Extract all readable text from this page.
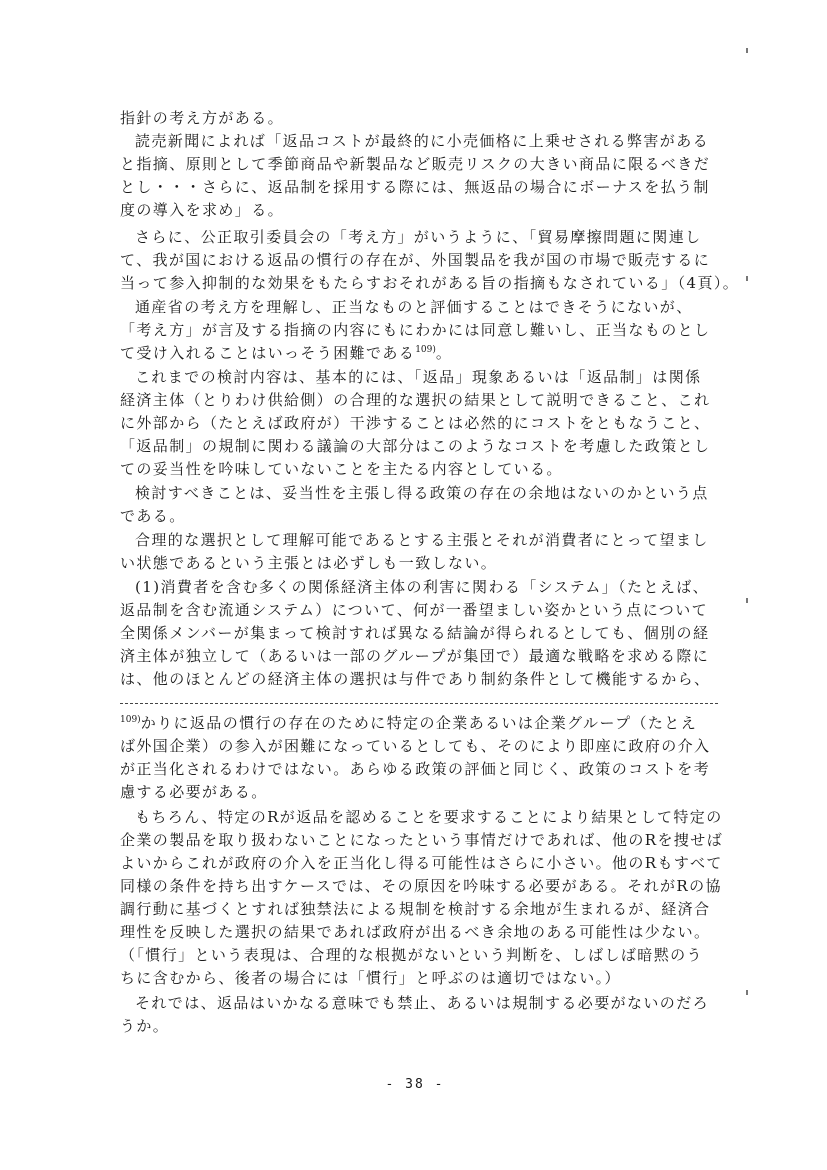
指針の考え方がある。
読売新聞によれば「返品コストが最終的に小売価格に上乗せされる弊害がある
と指摘、原則として季節商品や新製品など販売リスクの大きい商品に限るべきだ
とし・・・さらに、返品制を採用する際には、無返品の場合にボーナスを払う制
度の導入を求め」る。
さらに、公正取引委員会の「考え方」がいうように、「貿易摩擦問題に関連し
て、我が国における返品の慣行の存在が、外国製品を我が国の市場で販売するに
当って参入抑制的な効果をもたらすおそれがある旨の指摘もなされている」（4頁）。
通産省の考え方を理解し、正当なものと評価することはできそうにないが、
「考え方」が言及する指摘の内容にもにわかには同意し難いし、正当なものとし
て受け入れることはいっそう困難である$^{109)}$。
これまでの検討内容は、基本的には、「返品」現象あるいは「返品制」は関係
経済主体（とりわけ供給側）の合理的な選択の結果として説明できること、これ
に外部から（たとえば政府が）干渉することは必然的にコストをともなうこと、
「返品制」の規制に関わる議論の大部分はこのようなコストを考慮した政策とし
ての妥当性を吟味していないことを主たる内容としている。
検討すべきことは、妥当性を主張し得る政策の存在の余地はないのかという点
である。
合理的な選択として理解可能であるとする主張とそれが消費者にとって望まし
い状態であるという主張とは必ずしも一致しない。
(1)消費者を含む多くの関係経済主体の利害に関わる「システム」（たとえば、
返品制を含む流通システム）について、何が一番望ましい姿かという点について
全関係メンバーが集まって検討すれば異なる結論が得られるとしても、個別の経
済主体が独立して（あるいは一部のグループが集団で）最適な戦略を求める際に
は、他のほとんどの経済主体の選択は与件であり制約条件として機能するから、
$^{109)}$かりに返品の慣行の存在のために特定の企業あるいは企業グループ（たとえ
ば外国企業）の参入が困難になっているとしても、そのにより即座に政府の介入
が正当化されるわけではない。あらゆる政策の評価と同じく、政策のコストを考
慮する必要がある。
もちろん、特定のRが返品を認めることを要求することにより結果として特定の
企業の製品を取り扱わないことになったという事情だけであれば、他のRを捜せば
よいからこれが政府の介入を正当化し得る可能性はさらに小さい。他のRもすべて
同様の条件を持ち出すケースでは、その原因を吟味する必要がある。それがRの協
調行動に基づくとすれば独禁法による規制を検討する余地が生まれるが、経済合
理性を反映した選択の結果であれば政府が出るべき余地のある可能性は少ない。
（「慣行」という表現は、合理的な根拠がないという判断を、しばしば暗黙のう
ちに含むから、後者の場合には「慣行」と呼ぶのは適切ではない。）
それでは、返品はいかなる意味でも禁止、あるいは規制する必要がないのだろ
うか。
- 38 -
